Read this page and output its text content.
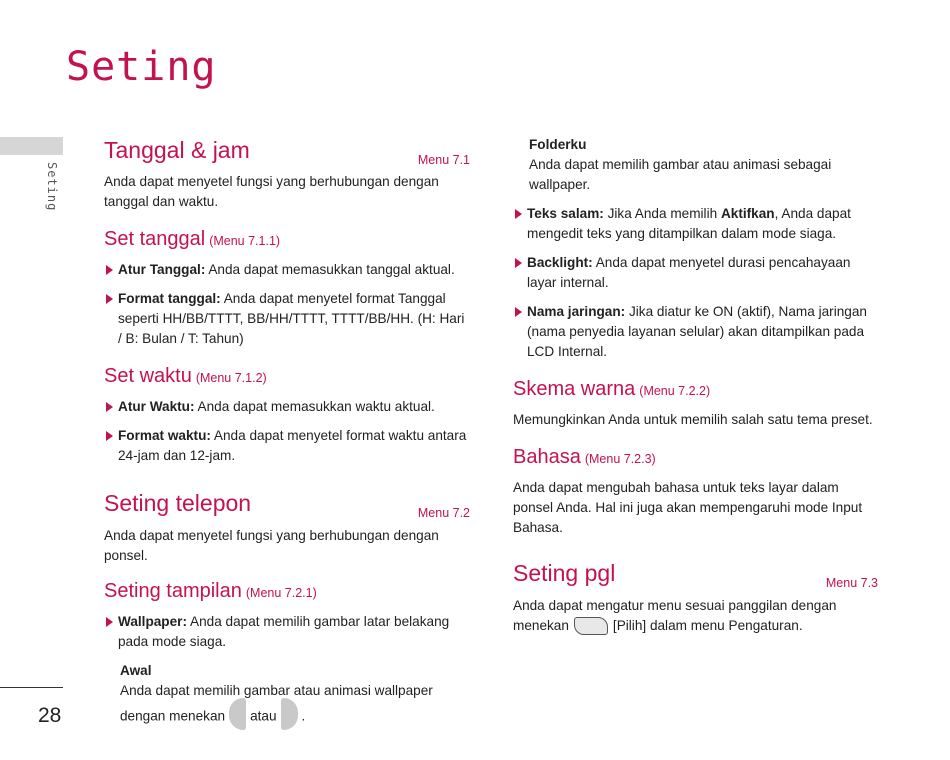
Seting
Seting
28
Tanggal & jam	Menu 7.1

Anda dapat menyetel fungsi yang berhubungan dengan tanggal dan waktu.

Set tanggal (Menu 7.1.1)

Atur Tanggal: Anda dapat memasukkan tanggal aktual.

Format tanggal: Anda dapat menyetel format Tanggal seperti HH/BB/TTTT, BB/HH/TTTT, TTTT/BB/HH. (H: Hari / B: Bulan / T: Tahun)

Set waktu (Menu 7.1.2)

Atur Waktu: Anda dapat memasukkan waktu aktual.

Format waktu: Anda dapat menyetel format waktu antara 24-jam dan 12-jam.

Seting telepon	Menu 7.2

Anda dapat menyetel fungsi yang berhubungan dengan ponsel.

Seting tampilan (Menu 7.2.1)

Wallpaper: Anda dapat memilih gambar latar belakang pada mode siaga.

Awal

Anda dapat memilih gambar atau animasi wallpaper dengan menekan atau .

Folderku

Anda dapat memilih gambar atau animasi sebagai wallpaper.

Teks salam: Jika Anda memilih Aktifkan, Anda dapat mengedit teks yang ditampilkan dalam mode siaga.

Backlight: Anda dapat menyetel durasi pencahayaan layar internal.

Nama jaringan: Jika diatur ke ON (aktif), Nama jaringan (nama penyedia layanan selular) akan ditampilkan pada LCD Internal.

Skema warna (Menu 7.2.2)

Memungkinkan Anda untuk memilih salah satu tema preset.

Bahasa (Menu 7.2.3)

Anda dapat mengubah bahasa untuk teks layar dalam ponsel Anda. Hal ini juga akan mempengaruhi mode Input Bahasa.

Seting pgl	Menu 7.3

Anda dapat mengatur menu sesuai panggilan dengan menekan	[Pilih] dalam menu Pengaturan.
